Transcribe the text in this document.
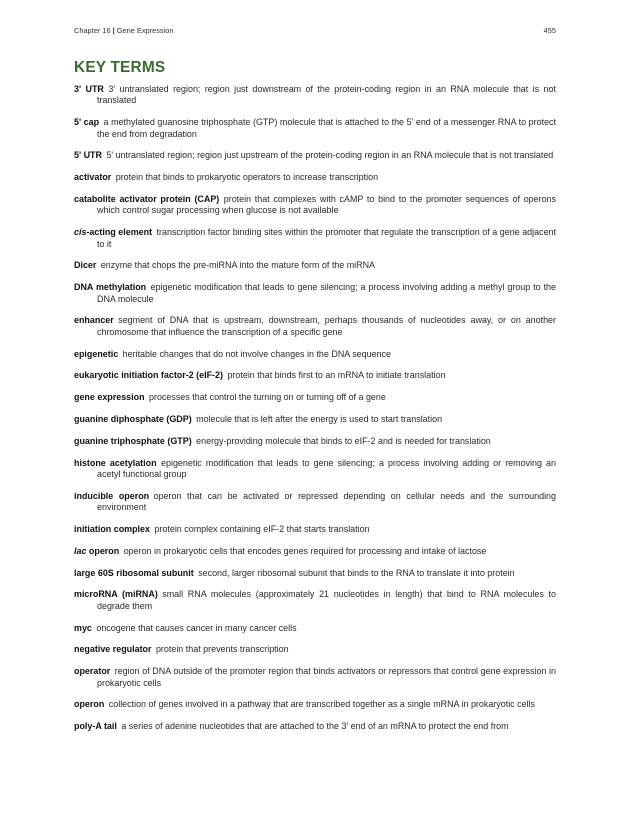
Chapter 16 | Gene Expression	455
KEY TERMS

3' UTR  3' untranslated region; region just downstream of the protein-coding region in an RNA molecule that is not translated

5' cap  a methylated guanosine triphosphate (GTP) molecule that is attached to the 5' end of a messenger RNA to protect the end from degradation

5' UTR  5' untranslated region; region just upstream of the protein-coding region in an RNA molecule that is not translated

activator  protein that binds to prokaryotic operators to increase transcription

catabolite activator protein (CAP)  protein that complexes with cAMP to bind to the promoter sequences of operons which control sugar processing when glucose is not available

cis-acting element  transcription factor binding sites within the promoter that regulate the transcription of a gene adjacent to it

Dicer  enzyme that chops the pre-miRNA into the mature form of the miRNA

DNA methylation  epigenetic modification that leads to gene silencing; a process involving adding a methyl group to the DNA molecule

enhancer  segment of DNA that is upstream, downstream, perhaps thousands of nucleotides away, or on another chromosome that influence the transcription of a specific gene

epigenetic  heritable changes that do not involve changes in the DNA sequence

eukaryotic initiation factor-2 (eIF-2)  protein that binds first to an mRNA to initiate translation

gene expression  processes that control the turning on or turning off of a gene

guanine diphosphate (GDP)  molecule that is left after the energy is used to start translation

guanine triphosphate (GTP)  energy-providing molecule that binds to eIF-2 and is needed for translation

histone acetylation  epigenetic modification that leads to gene silencing; a process involving adding or removing an acetyl functional group

inducible operon  operon that can be activated or repressed depending on cellular needs and the surrounding environment

initiation complex  protein complex containing eIF-2 that starts translation

lac operon  operon in prokaryotic cells that encodes genes required for processing and intake of lactose

large 60S ribosomal subunit  second, larger ribosomal subunit that binds to the RNA to translate it into protein

microRNA (miRNA)  small RNA molecules (approximately 21 nucleotides in length) that bind to RNA molecules to degrade them

myc  oncogene that causes cancer in many cancer cells

negative regulator  protein that prevents transcription

operator  region of DNA outside of the promoter region that binds activators or repressors that control gene expression in prokaryotic cells

operon  collection of genes involved in a pathway that are transcribed together as a single mRNA in prokaryotic cells

poly-A tail  a series of adenine nucleotides that are attached to the 3' end of an mRNA to protect the end from
